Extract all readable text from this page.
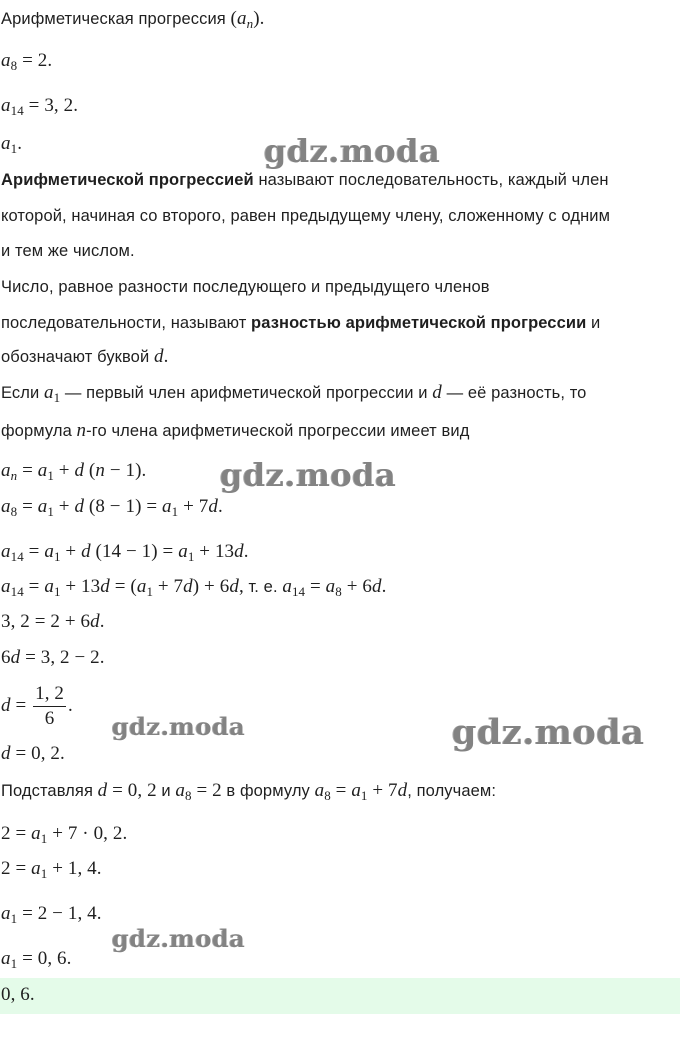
Арифметическая прогрессия $(a_n)$.
$a_8 = 2$.
$a_{14} = 3$, 2.
$a_1$.
Арифметической прогрессией называют последовательность, каждый член
которой, начиная со второго, равен предыдущему члену, сложенному с одним
и тем же числом.
Число, равное разности последующего и предыдущего членов
последовательности, называют разностью арифметической прогрессии и
обозначают буквой d.
Если $a_1$ — первый член арифметической прогрессии и d — её разность, то
формула n-го члена арифметической прогрессии имеет вид
$a_n = a_1 + d$ (n − 1).
$a_8 = a_1 + d$ $(8 - 1) = a_1 + 7d$.
$a_{14} = a_1 + d$ $(14 - 1) = a_1 + 13d$.
$a_{14} = a_1 + 13d = (a_1 + 7d) + 6d$, т. е. $a_{14} = a_8 + 6d$.
3, 2 = 2 + 6d.
6d = 3, 2 − 2.
$d = \frac{1, 2}{6}$ .
d = 0, 2.
Подставляя d = 0, 2 и $a_8 = 2$ в формулу $a_8 = a_1 + 7d$, получаем:
$2 = a_1 + 7 \cdot 0$, 2.
$2 = a_1 + 1$, 4.
$a_1 = 2 - 1$, 4.
$a_1 = 0$, 6.
0, 6.
gdz.moda
gdz.moda
gdz.moda	gdz.moda
gdz.moda
